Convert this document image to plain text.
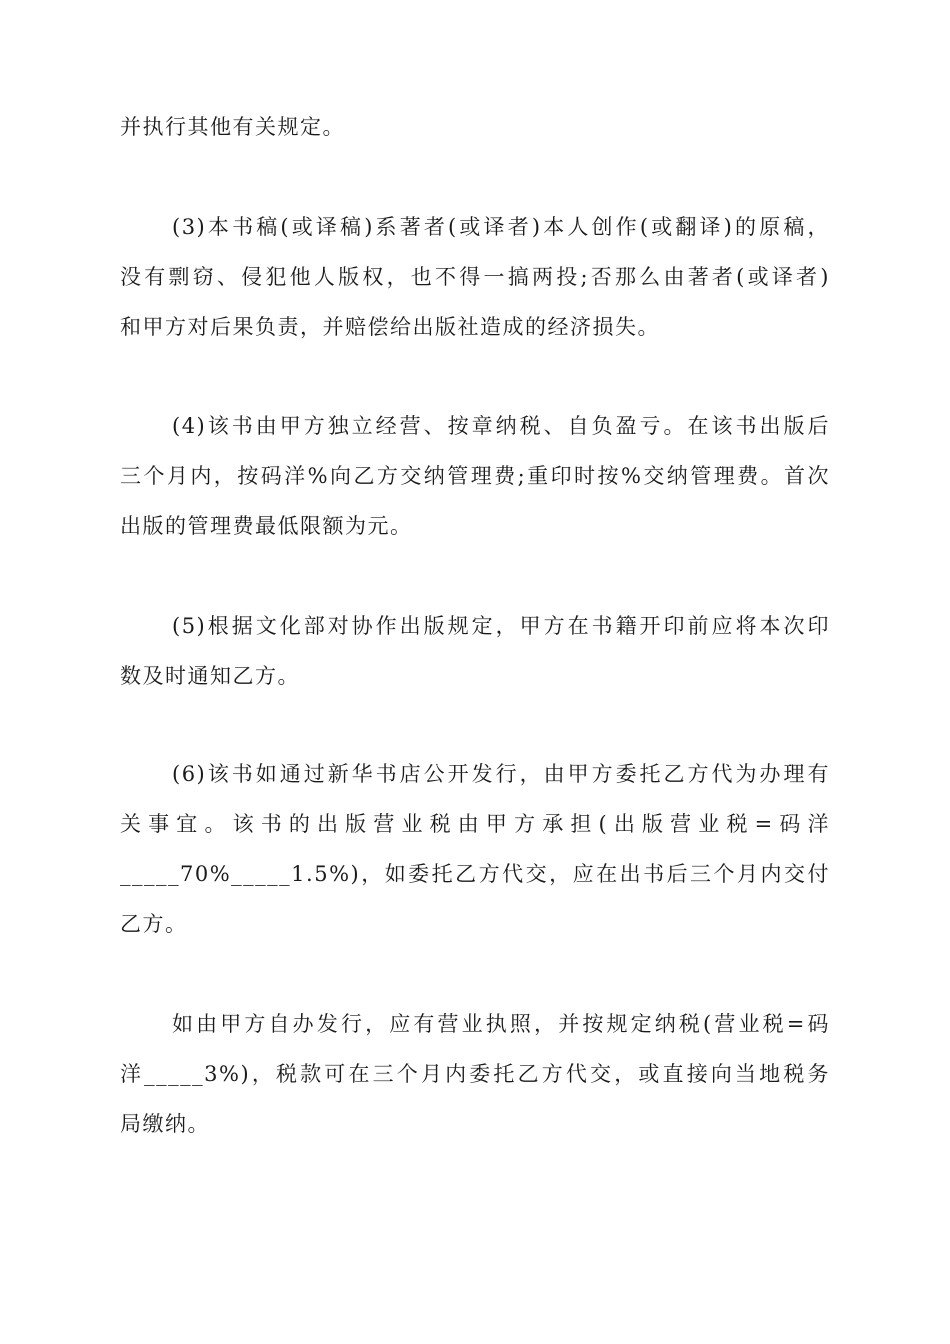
并执行其他有关规定。
(3)本书稿(或译稿)系著者(或译者)本人创作(或翻译)的原稿，
没有剽窃、侵犯他人版权，也不得一搞两投;否那么由著者(或译者)
和甲方对后果负责，并赔偿给出版社造成的经济损失。
(4)该书由甲方独立经营、按章纳税、自负盈亏。在该书出版后
三个月内，按码洋%向乙方交纳管理费;重印时按%交纳管理费。首次
出版的管理费最低限额为元。
(5)根据文化部对协作出版规定，甲方在书籍开印前应将本次印
数及时通知乙方。
(6)该书如通过新华书店公开发行，由甲方委托乙方代为办理有
关事宜。该书的出版营业税由甲方承担(出版营业税=码洋
_____70%_____1.5%)，如委托乙方代交，应在出书后三个月内交付
乙方。
如由甲方自办发行，应有营业执照，并按规定纳税(营业税=码
洋_____3%)，税款可在三个月内委托乙方代交，或直接向当地税务
局缴纳。
